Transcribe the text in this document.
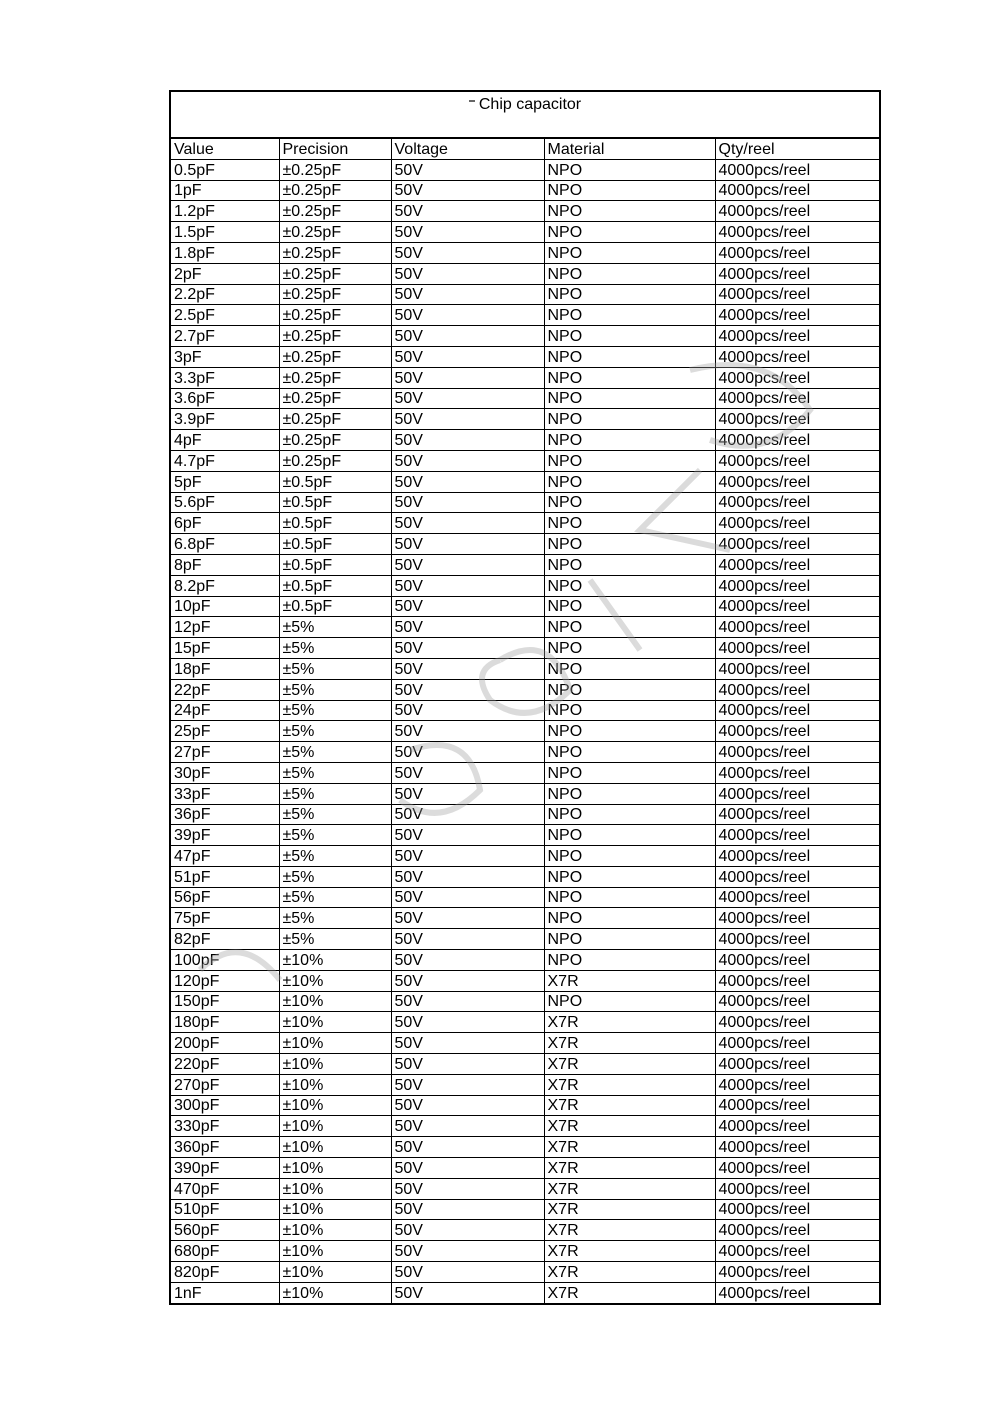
Chip capacitor
Value	Precision	Voltage	Material	Qty/reel
0.5pF	±0.25pF	50V	NPO	4000pcs/reel
1pF	±0.25pF	50V	NPO	4000pcs/reel
1.2pF	±0.25pF	50V	NPO	4000pcs/reel
1.5pF	±0.25pF	50V	NPO	4000pcs/reel
1.8pF	±0.25pF	50V	NPO	4000pcs/reel
2pF	±0.25pF	50V	NPO	4000pcs/reel
2.2pF	±0.25pF	50V	NPO	4000pcs/reel
2.5pF	±0.25pF	50V	NPO	4000pcs/reel
2.7pF	±0.25pF	50V	NPO	4000pcs/reel
3pF	±0.25pF	50V	NPO	4000pcs/reel
3.3pF	±0.25pF	50V	NPO	4000pcs/reel
3.6pF	±0.25pF	50V	NPO	4000pcs/reel
3.9pF	±0.25pF	50V	NPO	4000pcs/reel
4pF	±0.25pF	50V	NPO	4000pcs/reel
4.7pF	±0.25pF	50V	NPO	4000pcs/reel
5pF	±0.5pF	50V	NPO	4000pcs/reel
5.6pF	±0.5pF	50V	NPO	4000pcs/reel
6pF	±0.5pF	50V	NPO	4000pcs/reel
6.8pF	±0.5pF	50V	NPO	4000pcs/reel
8pF	±0.5pF	50V	NPO	4000pcs/reel
8.2pF	±0.5pF	50V	NPO	4000pcs/reel
10pF	±0.5pF	50V	NPO	4000pcs/reel
12pF	±5%	50V	NPO	4000pcs/reel
15pF	±5%	50V	NPO	4000pcs/reel
18pF	±5%	50V	NPO	4000pcs/reel
22pF	±5%	50V	NPO	4000pcs/reel
24pF	±5%	50V	NPO	4000pcs/reel
25pF	±5%	50V	NPO	4000pcs/reel
27pF	±5%	50V	NPO	4000pcs/reel
30pF	±5%	50V	NPO	4000pcs/reel
33pF	±5%	50V	NPO	4000pcs/reel
36pF	±5%	50V	NPO	4000pcs/reel
39pF	±5%	50V	NPO	4000pcs/reel
47pF	±5%	50V	NPO	4000pcs/reel
51pF	±5%	50V	NPO	4000pcs/reel
56pF	±5%	50V	NPO	4000pcs/reel
75pF	±5%	50V	NPO	4000pcs/reel
82pF	±5%	50V	NPO	4000pcs/reel
100pF	±10%	50V	NPO	4000pcs/reel
120pF	±10%	50V	X7R	4000pcs/reel
150pF	±10%	50V	NPO	4000pcs/reel
180pF	±10%	50V	X7R	4000pcs/reel
200pF	±10%	50V	X7R	4000pcs/reel
220pF	±10%	50V	X7R	4000pcs/reel
270pF	±10%	50V	X7R	4000pcs/reel
300pF	±10%	50V	X7R	4000pcs/reel
330pF	±10%	50V	X7R	4000pcs/reel
360pF	±10%	50V	X7R	4000pcs/reel
390pF	±10%	50V	X7R	4000pcs/reel
470pF	±10%	50V	X7R	4000pcs/reel
510pF	±10%	50V	X7R	4000pcs/reel
560pF	±10%	50V	X7R	4000pcs/reel
680pF	±10%	50V	X7R	4000pcs/reel
820pF	±10%	50V	X7R	4000pcs/reel
1nF	±10%	50V	X7R	4000pcs/reel
